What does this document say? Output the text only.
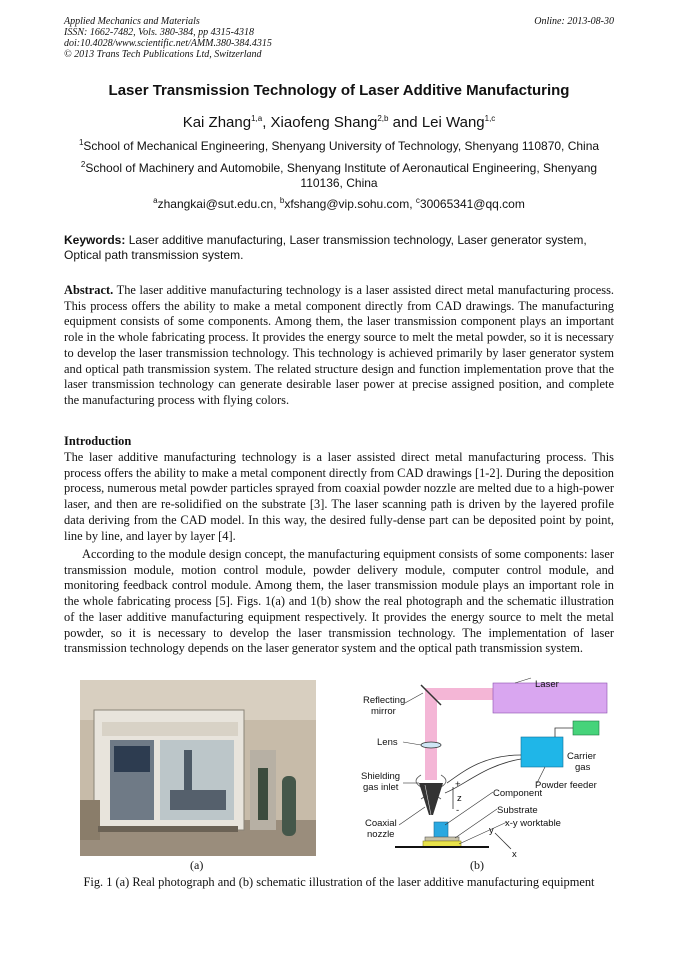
Applied Mechanics and Materials
ISSN: 1662-7482, Vols. 380-384, pp 4315-4318
doi:10.4028/www.scientific.net/AMM.380-384.4315
© 2013 Trans Tech Publications Ltd, Switzerland
Online: 2013-08-30
Laser Transmission Technology of Laser Additive Manufacturing
Kai Zhang$^{1,a}$, Xiaofeng Shang$^{2,b}$ and Lei Wang$^{1,c}$
$^1$School of Mechanical Engineering, Shenyang University of Technology, Shenyang 110870, China
$^2$School of Machinery and Automobile, Shenyang Institute of Aeronautical Engineering, Shenyang 110136, China
$^a$zhangkai@sut.edu.cn, $^b$xfshang@vip.sohu.com, $^c$30065341@qq.com
Keywords: Laser additive manufacturing, Laser transmission technology, Laser generator system, Optical path transmission system.

Abstract. The laser additive manufacturing technology is a laser assisted direct metal manufacturing process. This process offers the ability to make a metal component directly from CAD drawings. The manufacturing equipment consists of some components. Among them, the laser transmission component plays an important role in the whole fabricating process. It provides the energy source to melt the metal powder, so it is necessary to develop the laser transmission technology. This technology is achieved primarily by laser generator system and optical path transmission system. The related structure design and function implementation prove that the laser transmission technology can generate desirable laser power at precise assigned position, and complete the manufacturing process with flying colors.

Introduction

The laser additive manufacturing technology is a laser assisted direct metal manufacturing process. This process offers the ability to make a metal component directly from CAD drawings [1-2]. During the deposition process, numerous metal powder particles sprayed from coaxial powder nozzle are melted due to a high-power laser, and then are re-solidified on the substrate [3]. The laser scanning path is driven by the layered profile data deriving from the CAD model. In this way, the desired fully-dense part can be deposited point by point, line by line, and layer by layer [4].

According to the module design concept, the manufacturing equipment consists of some components: laser transmission module, motion control module, powder delivery module, computer control module, and monitoring feedback control module. Among them, the laser transmission module plays an important role in the whole fabricating process [5]. Figs. 1(a) and 1(b) show the real photograph and the schematic illustration of the laser additive manufacturing equipment respectively. It provides the energy source to melt the metal powder, so it is necessary to develop the laser transmission technology. The implementation of laser transmission technology depends on the laser generator system and the optical path transmission system.

Laser
Reflecting
mirror
Lens
Carrier
gas
Shielding
gas inlet	+
z
-
Powder feeder
Component
Substrate
x-y worktable
Coaxial
nozzle	y
x
(a)	(b)
Fig. 1 (a) Real photograph and (b) schematic illustration of the laser additive manufacturing equipment
